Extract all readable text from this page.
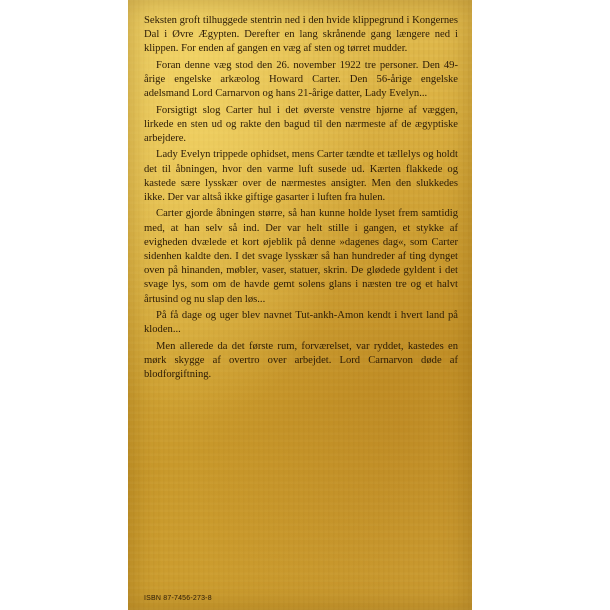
Seksten groft tilhuggede stentrin ned i den hvide klippegrund i Kongernes Dal i Øvre Ægypten. Derefter en lang skrånende gang længere ned i klippen. For enden af gangen en væg af sten og tørret mudder.

Foran denne væg stod den 26. november 1922 tre personer. Den 49-årige engelske arkæolog Howard Carter. Den 56-årige engelske adelsmand Lord Carnarvon og hans 21-årige datter, Lady Evelyn...

Forsigtigt slog Carter hul i det øverste venstre hjørne af væggen, lirkede en sten ud og rakte den bagud til den nærmeste af de ægyptiske arbejdere.

Lady Evelyn trippede ophidset, mens Carter tændte et tællelys og holdt det til åbningen, hvor den varme luft susede ud. Kærten flakkede og kastede sære lysskær over de nærmestes ansigter. Men den slukkedes ikke. Der var altså ikke giftige gasarter i luften fra hulen.

Carter gjorde åbningen større, så han kunne holde lyset frem samtidig med, at han selv så ind. Der var helt stille i gangen, et stykke af evigheden dvælede et kort øjeblik på denne »dagenes dag«, som Carter sidenhen kaldte den. I det svage lysskær så han hundreder af ting dynget oven på hinanden, møbler, vaser, statuer, skrin. De glødede gyldent i det svage lys, som om de havde gemt solens glans i næsten tre og et halvt årtusind og nu slap den løs...

På få dage og uger blev navnet Tut-ankh-Amon kendt i hvert land på kloden...

Men allerede da det første rum, forværelset, var ryddet, kastedes en mørk skygge af overtro over arbejdet. Lord Carnarvon døde af blodforgiftning.

ISBN 87-7456-273-8
